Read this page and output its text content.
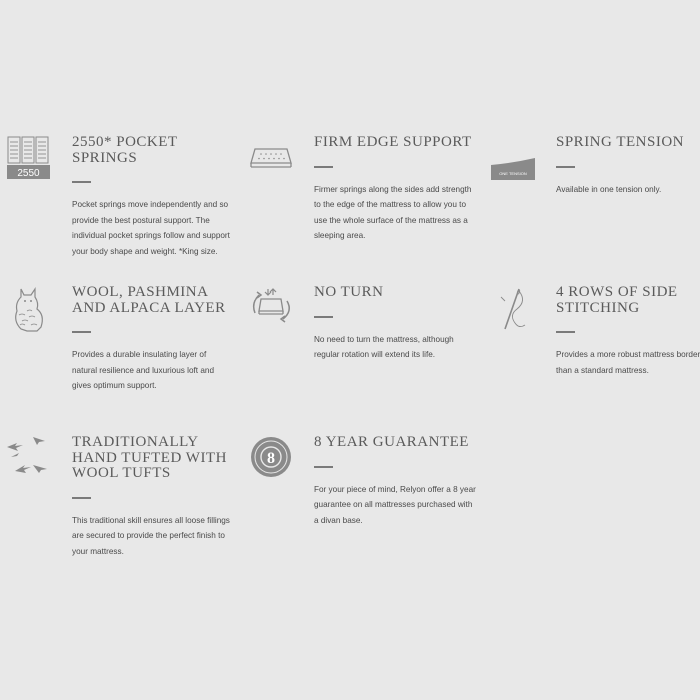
2550

2550* POCKET
SPRINGS

Pocket springs move independently and so
provide the best postural support. The
individual pocket springs follow and support
your body shape and weight. *King size.

FIRM EDGE SUPPORT

Firmer springs along the sides add strength
to the edge of the mattress to allow you to
use the whole surface of the mattress as a
sleeping area.

ONE TENSION

SPRING TENSION

Available in one tension only.

WOOL, PASHMINA
AND ALPACA LAYER

Provides a durable insulating layer of
natural resilience and luxurious loft and
gives optimum support.

NO TURN

No need to turn the mattress, although
regular rotation will extend its life.

4 ROWS OF SIDE
STITCHING

Provides a more robust mattress border
than a standard mattress.

TRADITIONALLY
HAND TUFTED WITH
WOOL TUFTS

This traditional skill ensures all loose fillings
are secured to provide the perfect finish to
your mattress.

8

8 YEAR GUARANTEE

For your piece of mind, Relyon offer a 8 year
guarantee on all mattresses purchased with
a divan base.
